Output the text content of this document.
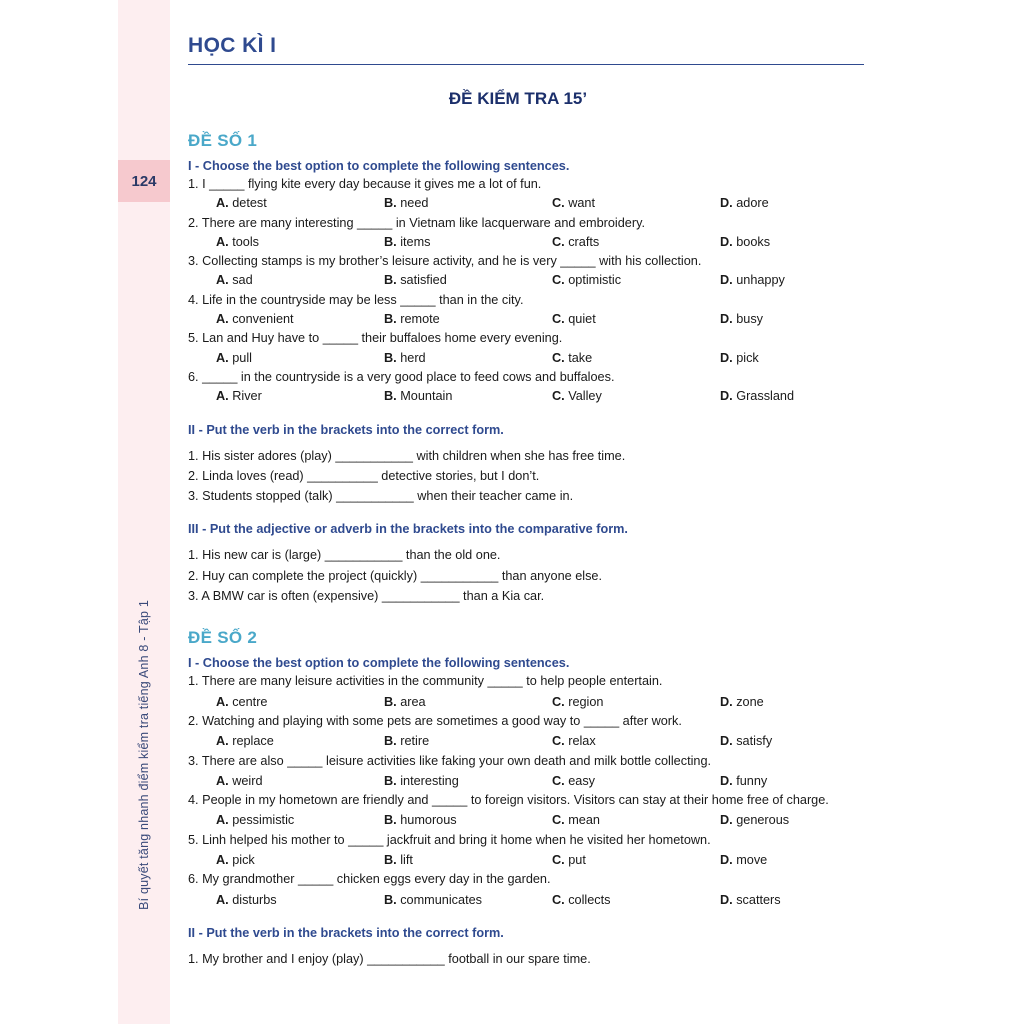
124
Bí quyết tăng nhanh điểm kiểm tra tiếng Anh 8 - Tập 1
HỌC KÌ I
ĐỀ KIỂM TRA 15’
ĐỀ SỐ 1
I - Choose the best option to complete the following sentences.
1. I _____ flying kite every day because it gives me a lot of fun.
A. detest	B. need	C. want	D. adore
2. There are many interesting _____ in Vietnam like lacquerware and embroidery.
A. tools	B. items	C. crafts	D. books
3. Collecting stamps is my brother’s leisure activity, and he is very _____ with his collection.
A. sad	B. satisfied	C. optimistic	D. unhappy
4. Life in the countryside may be less _____ than in the city.
A. convenient	B. remote	C. quiet	D. busy
5. Lan and Huy have to _____ their buffaloes home every evening.
A. pull	B. herd	C. take	D. pick
6. _____ in the countryside is a very good place to feed cows and buffaloes.
A. River	B. Mountain	C. Valley	D. Grassland
II - Put the verb in the brackets into the correct form.
1. His sister adores (play) ___________ with children when she has free time.
2. Linda loves (read) __________ detective stories, but I don’t.
3. Students stopped (talk) ___________ when their teacher came in.
III - Put the adjective or adverb in the brackets into the comparative form.
1. His new car is (large) ___________ than the old one.
2. Huy can complete the project (quickly) ___________ than anyone else.
3. A BMW car is often (expensive) ___________ than a Kia car.
ĐỀ SỐ 2
I - Choose the best option to complete the following sentences.
1. There are many leisure activities in the community _____ to help people entertain.
A. centre	B. area	C. region	D. zone
2. Watching and playing with some pets are sometimes a good way to _____ after work.
A. replace	B. retire	C. relax	D. satisfy
3. There are also _____ leisure activities like faking your own death and milk bottle collecting.
A. weird	B. interesting	C. easy	D. funny
4. People in my hometown are friendly and _____ to foreign visitors. Visitors can stay at their home free of charge.
A. pessimistic	B. humorous	C. mean	D. generous
5. Linh helped his mother to _____ jackfruit and bring it home when he visited her hometown.
A. pick	B. lift	C. put	D. move
6. My grandmother _____ chicken eggs every day in the garden.
A. disturbs	B. communicates	C. collects	D. scatters
II - Put the verb in the brackets into the correct form.
1. My brother and I enjoy (play) ___________ football in our spare time.
